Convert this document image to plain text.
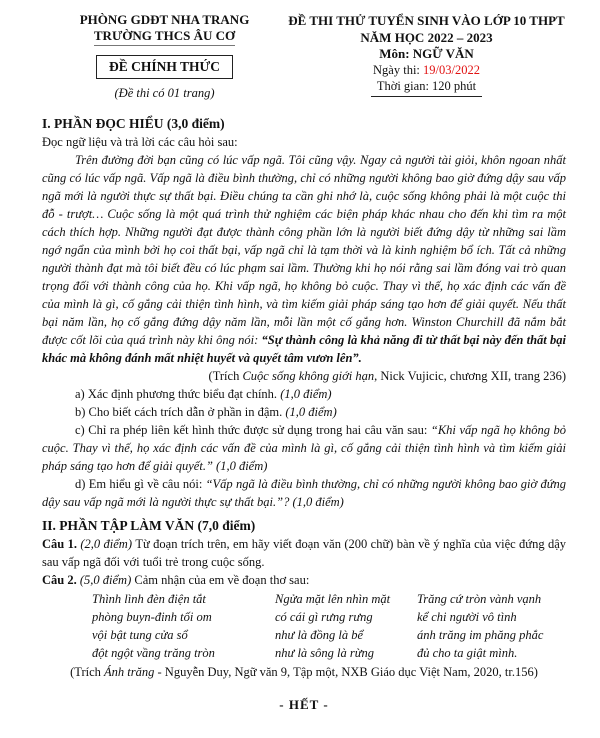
PHÒNG GDĐT NHA TRANG
TRƯỜNG THCS ÂU CƠ
ĐỀ CHÍNH THỨC
(Đề thi có 01 trang)
ĐỀ THI THỬ TUYỂN SINH VÀO LỚP 10 THPT
NĂM HỌC 2022 – 2023
Môn: NGỮ VĂN
Ngày thi: 19/03/2022
Thời gian: 120 phút
I. PHẦN ĐỌC HIỂU (3,0 điểm)
Đọc ngữ liệu và trả lời các câu hỏi sau:
Trên đường đời bạn cũng có lúc vấp ngã. Tôi cũng vậy. Ngay cả người tài giỏi, khôn ngoan nhất cũng có lúc vấp ngã. Vấp ngã là điều bình thường, chỉ có những người không bao giờ đứng dậy sau vấp ngã mới là người thực sự thất bại. Điều chúng ta cần ghi nhớ là, cuộc sống không phải là một cuộc thi đỗ - trượt… Cuộc sống là một quá trình thử nghiệm các biện pháp khác nhau cho đến khi tìm ra một cách thích hợp. Những người đạt được thành công phần lớn là người biết đứng dậy từ những sai lầm ngớ ngẩn của mình bởi họ coi thất bại, vấp ngã chỉ là tạm thời và là kinh nghiệm bổ ích. Tất cả những người thành đạt mà tôi biết đều có lúc phạm sai lầm. Thường khi họ nói rằng sai lầm đóng vai trò quan trọng đối với thành công của họ. Khi vấp ngã, họ không bỏ cuộc. Thay vì thế, họ xác định các vấn đề của mình là gì, cố gắng cải thiện tình hình, và tìm kiếm giải pháp sáng tạo hơn để giải quyết. Nếu thất bại năm lần, họ cố gắng đứng dậy năm lần, mỗi lần một cố gắng hơn. Winston Churchill đã nắm bắt được cốt lõi của quá trình này khi ông nói: “Sự thành công là khả năng đi từ thất bại này đến thất bại khác mà không đánh mất nhiệt huyết và quyết tâm vươn lên”.
(Trích Cuộc sống không giới hạn, Nick Vujicic, chương XII, trang 236)
a) Xác định phương thức biểu đạt chính. (1,0 điểm)
b) Cho biết cách trích dẫn ở phần in đậm. (1,0 điểm)
c) Chỉ ra phép liên kết hình thức được sử dụng trong hai câu văn sau: “Khi vấp ngã họ không bỏ cuộc. Thay vì thế, họ xác định các vấn đề của mình là gì, cố gắng cải thiện tình hình và tìm kiếm giải pháp sáng tạo hơn để giải quyết.” (1,0 điểm)
d) Em hiểu gì về câu nói: “Vấp ngã là điều bình thường, chỉ có những người không bao giờ đứng dậy sau vấp ngã mới là người thực sự thất bại.”? (1,0 điểm)
II. PHẦN TẬP LÀM VĂN (7,0 điểm)
Câu 1. (2,0 điểm) Từ đoạn trích trên, em hãy viết đoạn văn (200 chữ) bàn về ý nghĩa của việc đứng dậy sau vấp ngã đối với tuổi trẻ trong cuộc sống.
Câu 2. (5,0 điểm) Cảm nhận của em về đoạn thơ sau:
Thình lình đèn điện tắt
phòng buyn-đinh tối om
vội bật tung cửa sổ
đột ngột vầng trăng tròn
Ngửa mặt lên nhìn mặt
có cái gì rưng rưng
như là đồng là bể
như là sông là rừng
Trăng cứ tròn vành vạnh
kể chi người vô tình
ánh trăng im phăng phắc
đủ cho ta giật mình.
(Trích Ánh trăng - Nguyễn Duy, Ngữ văn 9, Tập một, NXB Giáo dục Việt Nam, 2020, tr.156)
- HẾT -
